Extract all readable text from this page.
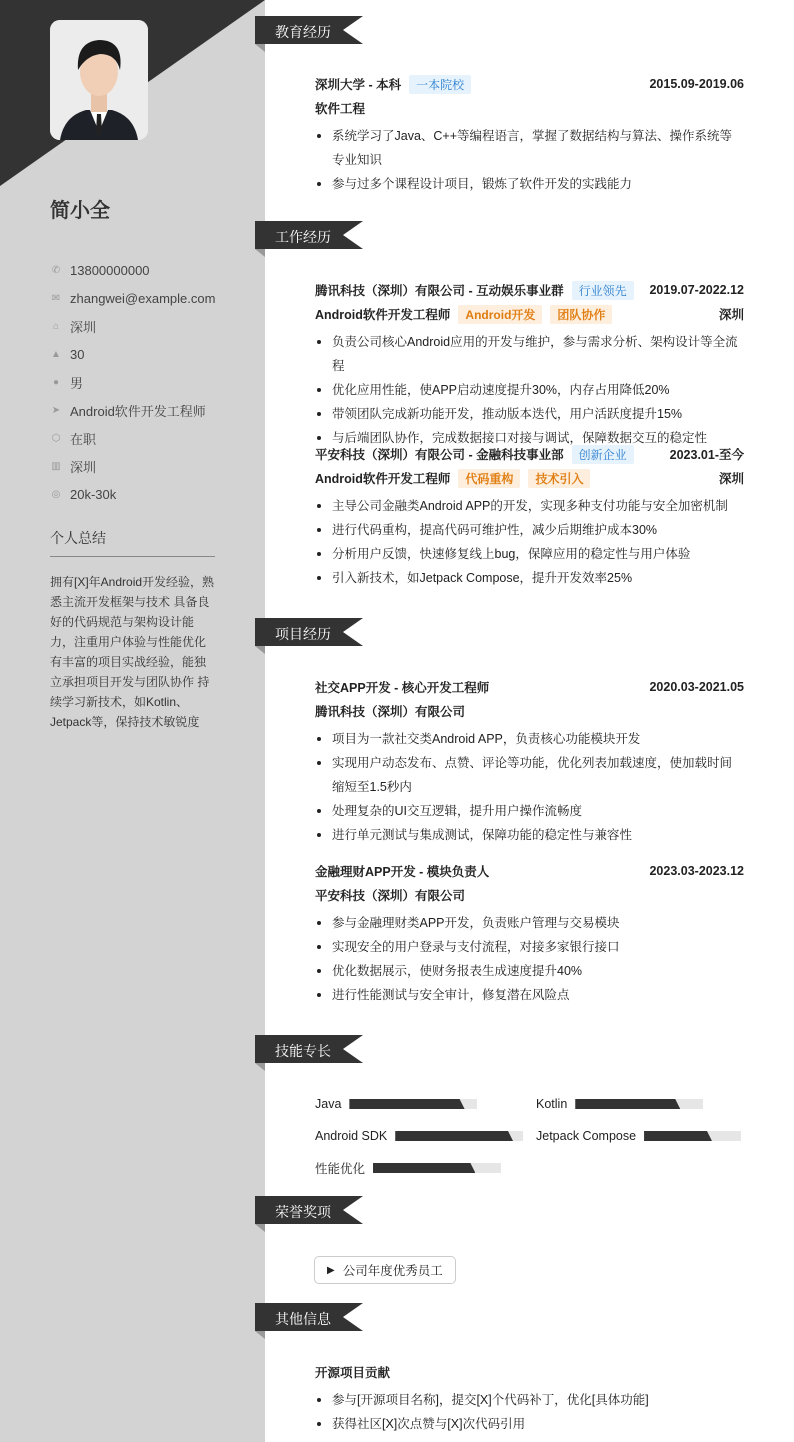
简小全
✆ 13800000000
✉ zhangwei@example.com
⌂ 深圳
▲ 30
● 男
➤ Android软件开发工程师
⬡ 在职
▥ 深圳
◎ 20k-30k
个人总结
拥有[X]年Android开发经验，熟悉主流开发框架与技术 具备良好的代码规范与架构设计能力，注重用户体验与性能优化 有丰富的项目实战经验，能独立承担项目开发与团队协作 持续学习新技术，如Kotlin、Jetpack等，保持技术敏锐度
教育经历
深圳大学 - 本科	一本院校	2015.09-2019.06
软件工程
系统学习了Java、C++等编程语言，掌握了数据结构与算法、操作系统等专业知识
参与过多个课程设计项目，锻炼了软件开发的实践能力
工作经历
腾讯科技（深圳）有限公司 - 互动娱乐事业群	行业领先	2019.07-2022.12
Android软件开发工程师	Android开发	团队协作	深圳
负责公司核心Android应用的开发与维护，参与需求分析、架构设计等全流程
优化应用性能，使APP启动速度提升30%，内存占用降低20%
带领团队完成新功能开发，推动版本迭代，用户活跃度提升15%
与后端团队协作，完成数据接口对接与调试，保障数据交互的稳定性
平安科技（深圳）有限公司 - 金融科技事业部	创新企业	2023.01-至今
Android软件开发工程师	代码重构	技术引入	深圳
主导公司金融类Android APP的开发，实现多种支付功能与安全加密机制
进行代码重构，提高代码可维护性，减少后期维护成本30%
分析用户反馈，快速修复线上bug，保障应用的稳定性与用户体验
引入新技术，如Jetpack Compose，提升开发效率25%
项目经历
社交APP开发 - 核心开发工程师	2020.03-2021.05
腾讯科技（深圳）有限公司
项目为一款社交类Android APP，负责核心功能模块开发
实现用户动态发布、点赞、评论等功能，优化列表加载速度，使加载时间缩短至1.5秒内
处理复杂的UI交互逻辑，提升用户操作流畅度
进行单元测试与集成测试，保障功能的稳定性与兼容性
金融理财APP开发 - 模块负责人	2023.03-2023.12
平安科技（深圳）有限公司
参与金融理财类APP开发，负责账户管理与交易模块
实现安全的用户登录与支付流程，对接多家银行接口
优化数据展示，使财务报表生成速度提升40%
进行性能测试与安全审计，修复潜在风险点
技能专长
Java	Kotlin
Android SDK	Jetpack Compose
性能优化
荣誉奖项
▶ 公司年度优秀员工
其他信息
开源项目贡献
参与[开源项目名称]，提交[X]个代码补丁，优化[具体功能]
获得社区[X]次点赞与[X]次代码引用
